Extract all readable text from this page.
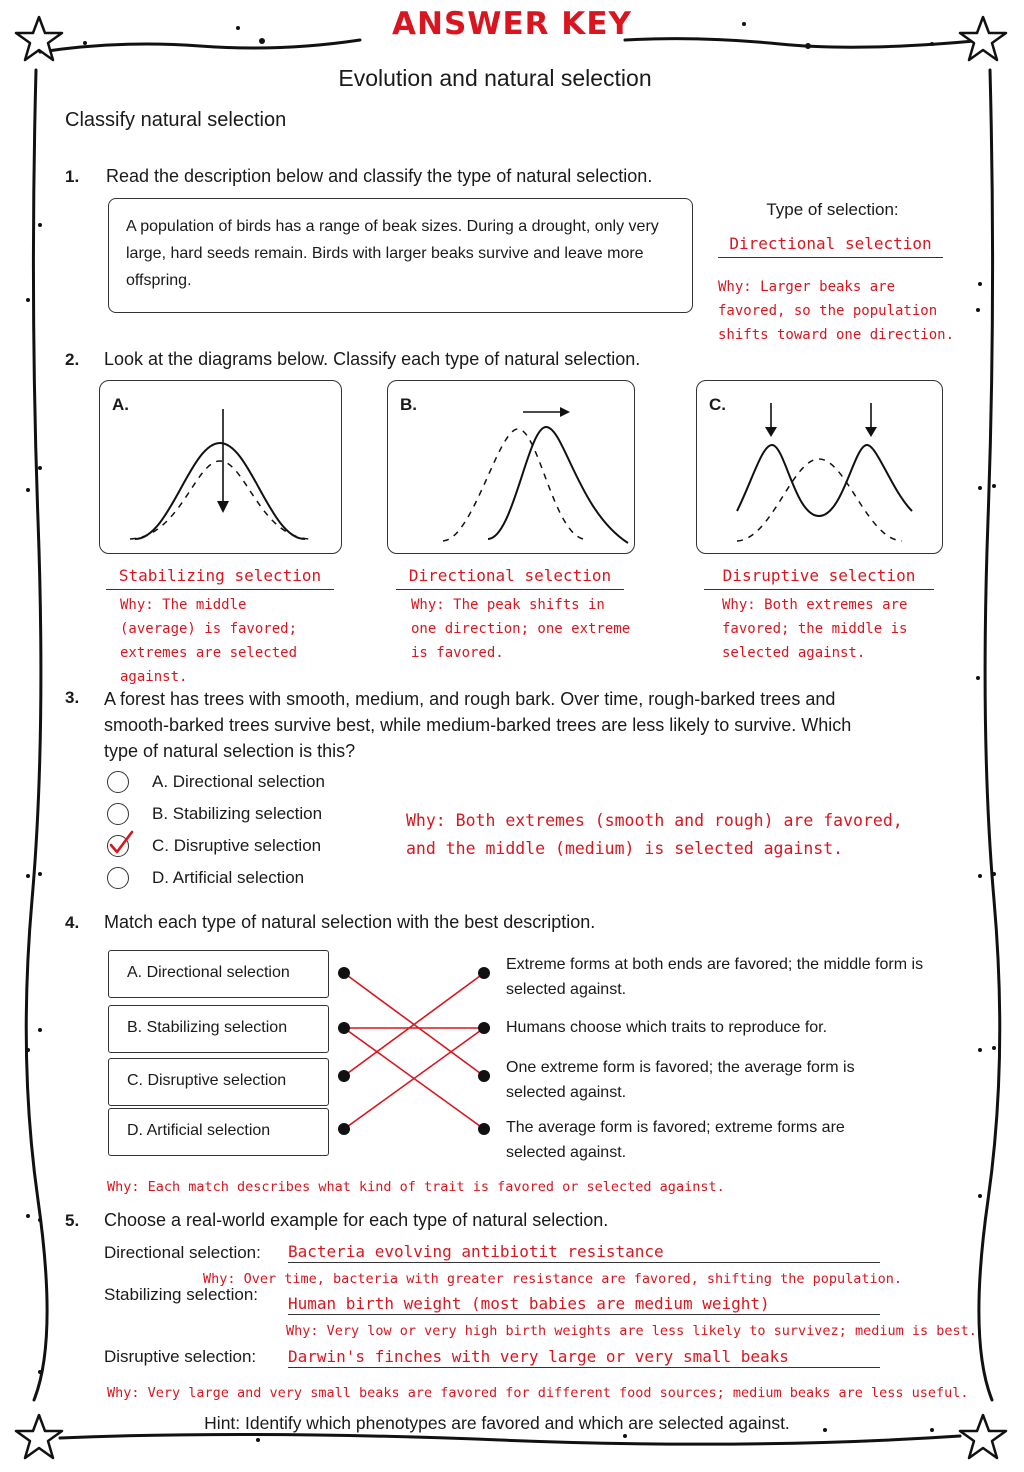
ANSWER KEY
Evolution and natural selection
Classify natural selection
1. Read the description below and classify the type of natural selection.
A population of birds has a range of beak sizes. During a drought, only very large, hard seeds remain. Birds with larger beaks survive and leave more offspring.
Type of selection:
Directional selection
Why: Larger beaks are favored, so the population shifts toward one direction.
2. Look at the diagrams below. Classify each type of natural selection.
A.	B.	C.
Stabilizing selection
Why: The middle (average) is favored; extremes are selected against.
Directional selection
Why: The peak shifts in one direction; one extreme is favored.
Disruptive selection
Why: Both extremes are favored; the middle is selected against.
3. A forest has trees with smooth, medium, and rough bark. Over time, rough-barked trees and smooth-barked trees survive best, while medium-barked trees are less likely to survive. Which type of natural selection is this?
A. Directional selection
B. Stabilizing selection
C. Disruptive selection
D. Artificial selection
Why: Both extremes (smooth and rough) are favored,
and the middle (medium) is selected against.
4. Match each type of natural selection with the best description.
A. Directional selection
B. Stabilizing selection
C. Disruptive selection
D. Artificial selection
Extreme forms at both ends are favored; the middle form is selected against.
Humans choose which traits to reproduce for.
One extreme form is favored; the average form is selected against.
The average form is favored; extreme forms are selected against.
Why: Each match describes what kind of trait is favored or selected against.
5. Choose a real-world example for each type of natural selection.
Directional selection: Bacteria evolving antibiotit resistance
Why: Over time, bacteria with greater resistance are favored, shifting the population.
Stabilizing selection: Human birth weight (most babies are medium weight)
Why: Very low or very high birth weights are less likely to survivez; medium is best.
Disruptive selection: Darwin's finches with very large or very small beaks
Why: Very large and very small beaks are favored for different food sources; medium beaks are less useful.
Hint: Identify which phenotypes are favored and which are selected against.
